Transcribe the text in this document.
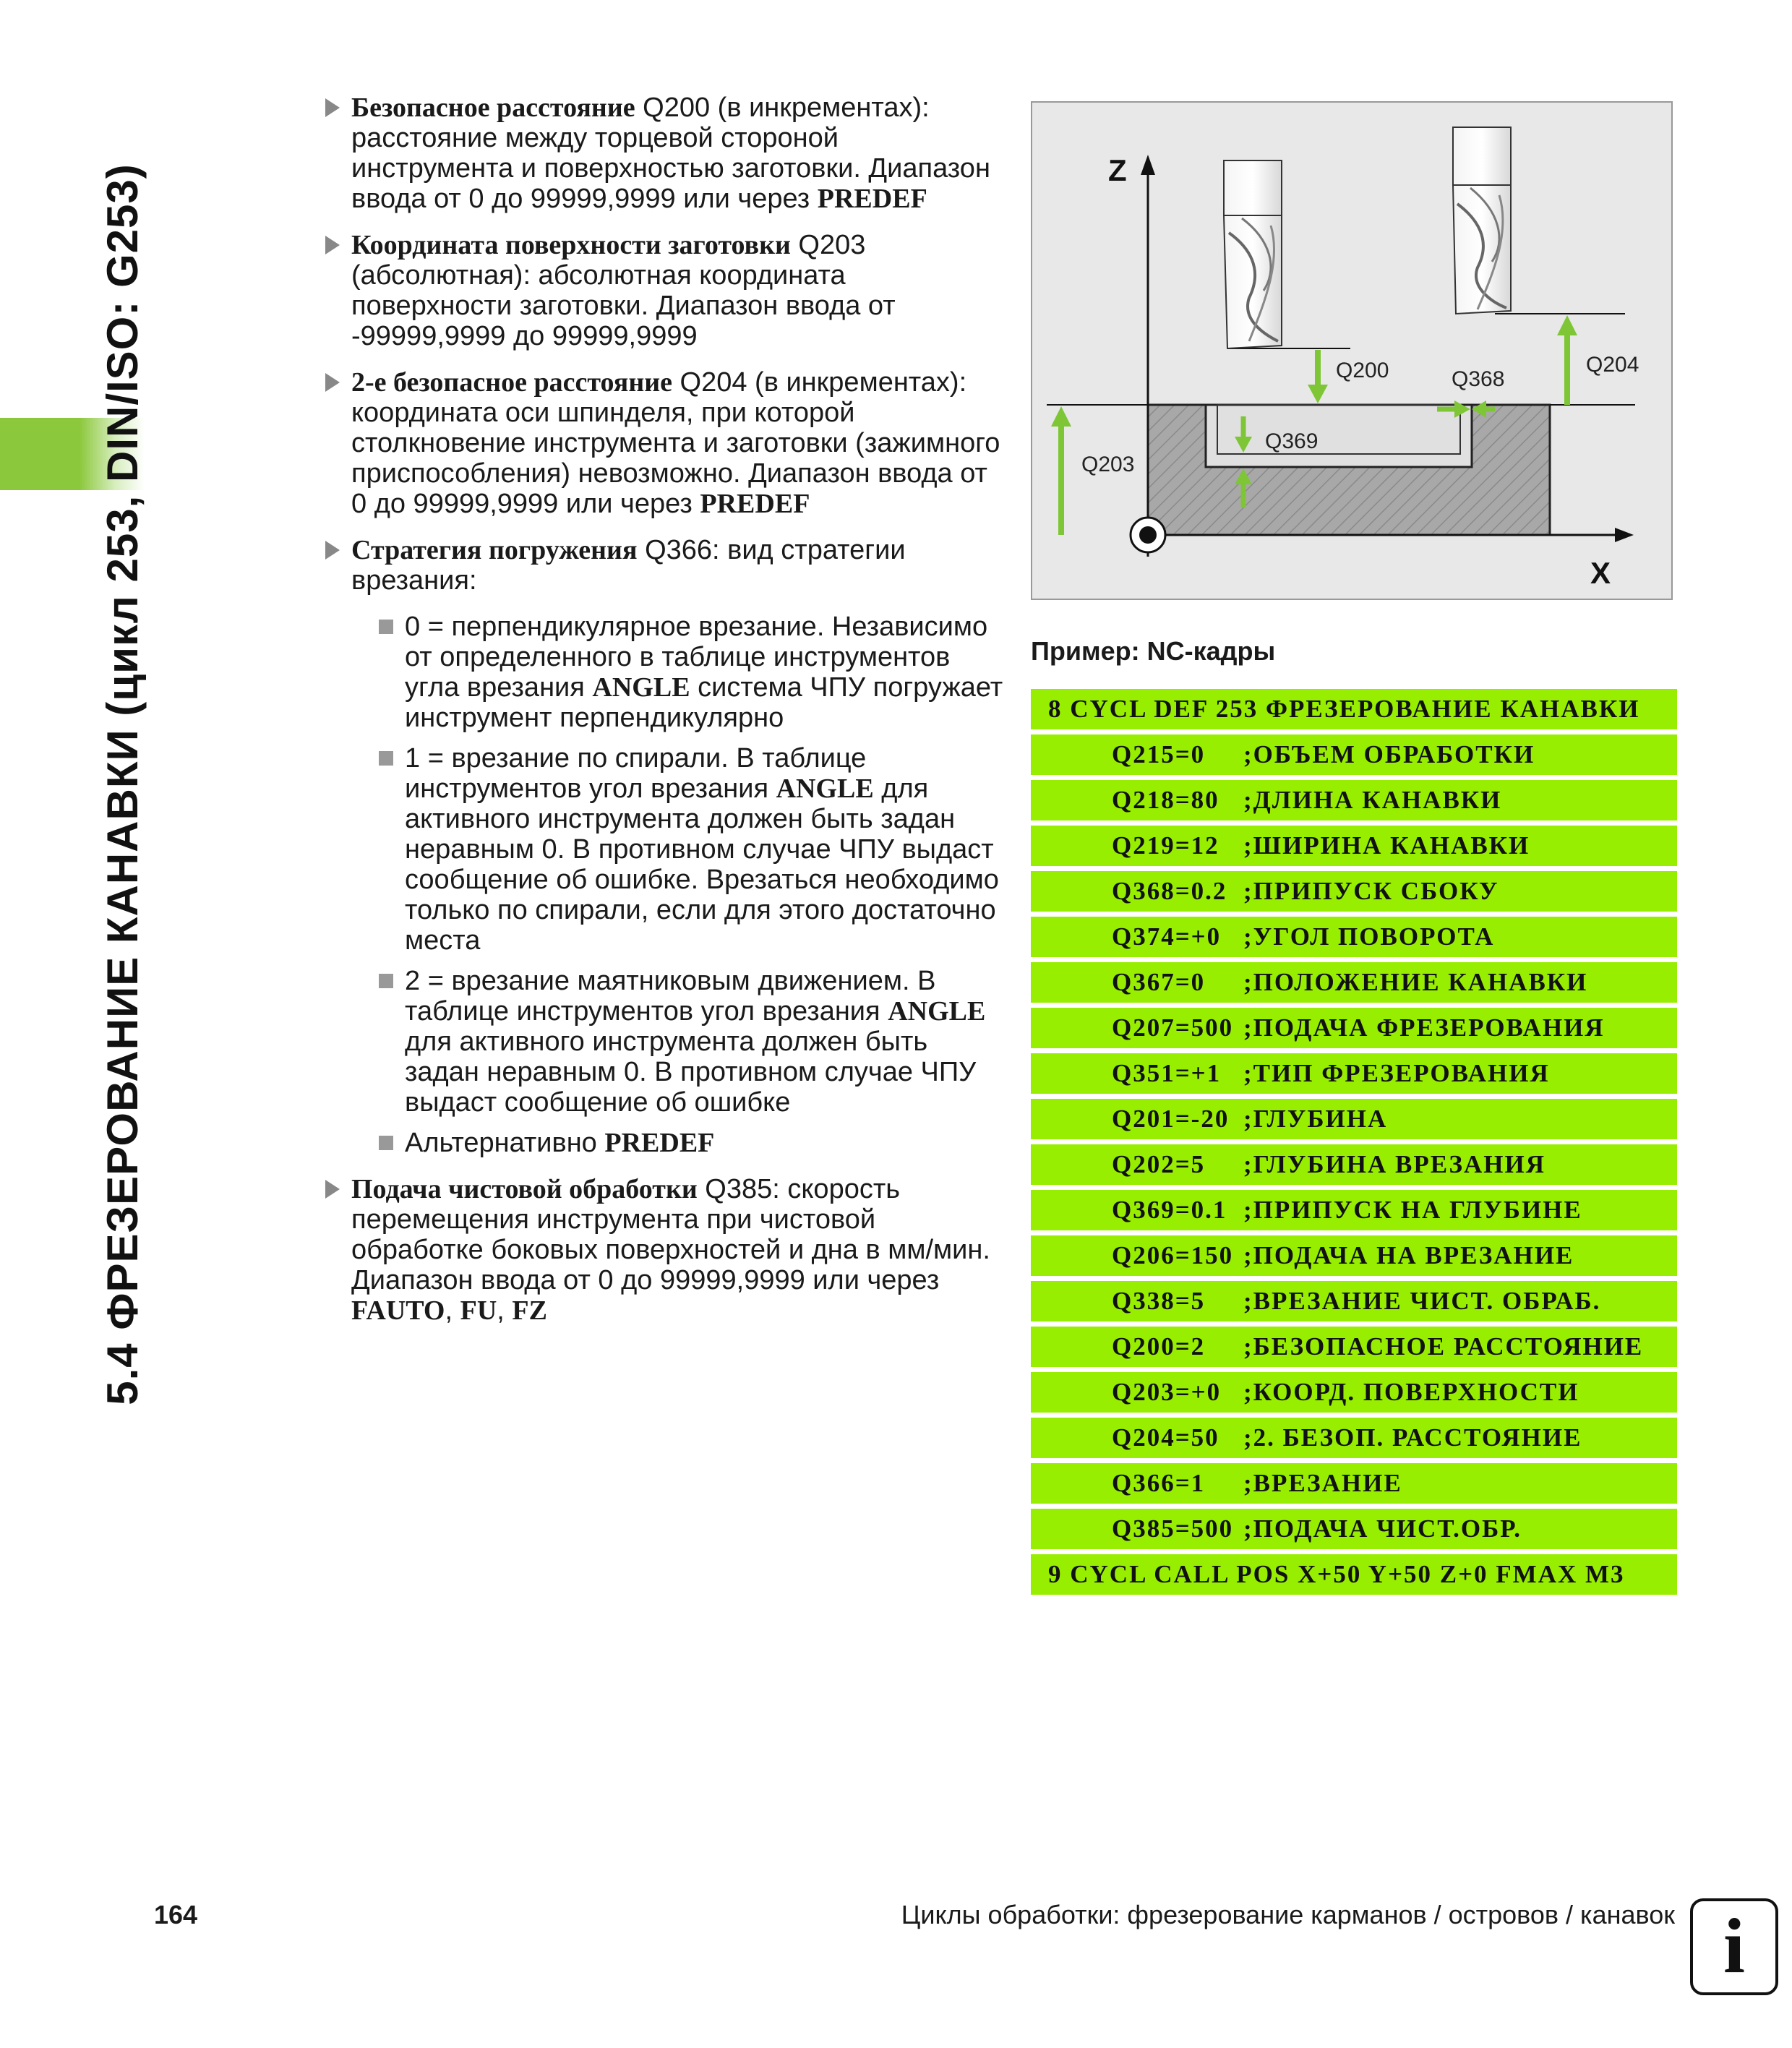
5.4 ФРЕЗЕРОВАНИЕ КАНАВКИ (цикл 253, DIN/ISO: G253)
Безопасное расстояние Q200 (в инкрементах): расстояние между торцевой стороной инструмента и поверхностью заготовки. Диапазон ввода от 0 до 99999,9999 или через PREDEF
Координата поверхности заготовки Q203 (абсолютная): абсолютная координата поверхности заготовки. Диапазон ввода от -99999,9999 до 99999,9999
2-е безопасное расстояние Q204 (в инкрементах): координата оси шпинделя, при которой столкновение инструмента и заготовки (зажимного приспособления) невозможно. Диапазон ввода от 0 до 99999,9999 или через PREDEF
Стратегия погружения Q366: вид стратегии врезания:
0 = перпендикулярное врезание. Независимо от определенного в таблице инструментов угла врезания ANGLE система ЧПУ погружает инструмент перпендикулярно
1 = врезание по спирали. В таблице инструментов угол врезания ANGLE для активного инструмента должен быть задан неравным 0. В противном случае ЧПУ выдаст сообщение об ошибке. Врезаться необходимо только по спирали, если для этого достаточно места
2 = врезание маятниковым движением. В таблице инструментов угол врезания ANGLE для активного инструмента должен быть задан неравным 0. В противном случае ЧПУ выдаст сообщение об ошибке
Альтернативно PREDEF
Подача чистовой обработки Q385: скорость перемещения инструмента при чистовой обработке боковых поверхностей и дна в мм/мин. Диапазон ввода от 0 до 99999,9999 или через FAUTO, FU, FZ
Z
X
Q203
Q200	Q204
Q368
Q369
Пример: NC-кадры
8 CYCL DEF 253 ФРЕЗЕРОВАНИЕ КАНАВКИ
Q215=0	;ОБЪЕМ ОБРАБОТКИ
Q218=80 ;ДЛИНА КАНАВКИ
Q219=12 ;ШИРИНА КАНАВКИ
Q368=0.2 ;ПРИПУСК СБОКУ
Q374=+0 ;УГОЛ ПОВОРОТА
Q367=0	;ПОЛОЖЕНИЕ КАНАВКИ
Q207=500 ;ПОДАЧА ФРЕЗЕРОВАНИЯ
Q351=+1 ;ТИП ФРЕЗЕРОВАНИЯ
Q201=-20 ;ГЛУБИНА
Q202=5	;ГЛУБИНА ВРЕЗАНИЯ
Q369=0.1 ;ПРИПУСК НА ГЛУБИНЕ
Q206=150 ;ПОДАЧА НА ВРЕЗАНИЕ
Q338=5	;ВРЕЗАНИЕ ЧИСТ. ОБРАБ.
Q200=2	;БЕЗОПАСНОЕ РАССТОЯНИЕ
Q203=+0 ;КООРД. ПОВЕРХНОСТИ
Q204=50 ;2. БЕЗОП. РАССТОЯНИЕ
Q366=1	;ВРЕЗАНИЕ
Q385=500 ;ПОДАЧА ЧИСТ.ОБР.
9 CYCL CALL POS X+50 Y+50 Z+0 FMAX M3
164	Циклы обработки: фрезерование карманов / островов / канавок i
